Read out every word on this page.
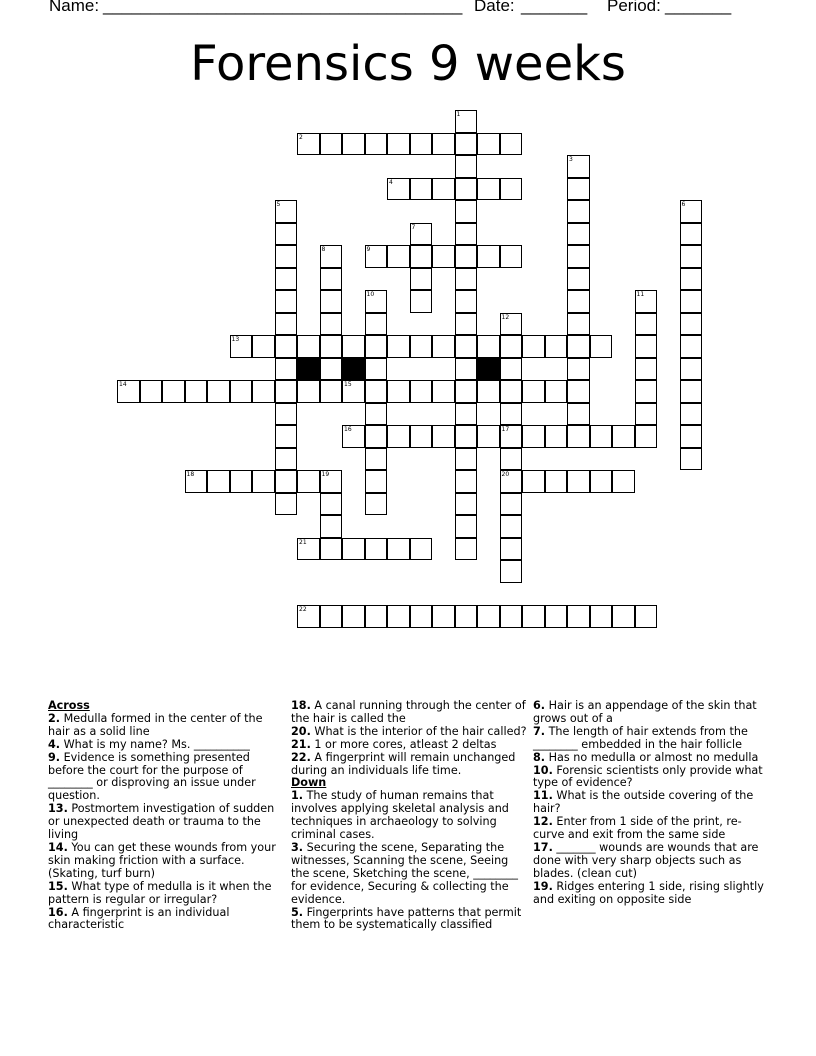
Name: ______________________________________ Date: _______ Period: _______
Forensics 9 weeks
1
2
3
4
5	6
7
8	9
10	11
12
17
20
13
14	15
16
18	19
21
22
Across
2. Medulla formed in the center of the hair as a solid line
4. What is my name? Ms. __________
9. Evidence is something presented before the court for the purpose of ________ or disproving an issue under question.
13. Postmortem investigation of sudden or unexpected death or trauma to the living
14. You can get these wounds from your skin making friction with a surface. (Skating, turf burn)
15. What type of medulla is it when the pattern is regular or irregular?
16. A fingerprint is an individual characteristic
18. A canal running through the center of the hair is called the
20. What is the interior of the hair called?
21. 1 or more cores, atleast 2 deltas
22. A fingerprint will remain unchanged during an individuals life time.
Down
1. The study of human remains that involves applying skeletal analysis and techniques in archaeology to solving criminal cases.
3. Securing the scene, Separating the witnesses, Scanning the scene, Seeing the scene, Sketching the scene, ________ for evidence, Securing & collecting the evidence.
5. Fingerprints have patterns that permit them to be systematically classified
6. Hair is an appendage of the skin that grows out of a
7. The length of hair extends from the ________ embedded in the hair follicle
8. Has no medulla or almost no medulla
10. Forensic scientists only provide what type of evidence?
11. What is the outside covering of the hair?
12. Enter from 1 side of the print, re-curve and exit from the same side
17. _______ wounds are wounds that are done with very sharp objects such as blades. (clean cut)
19. Ridges entering 1 side, rising slightly and exiting on opposite side
